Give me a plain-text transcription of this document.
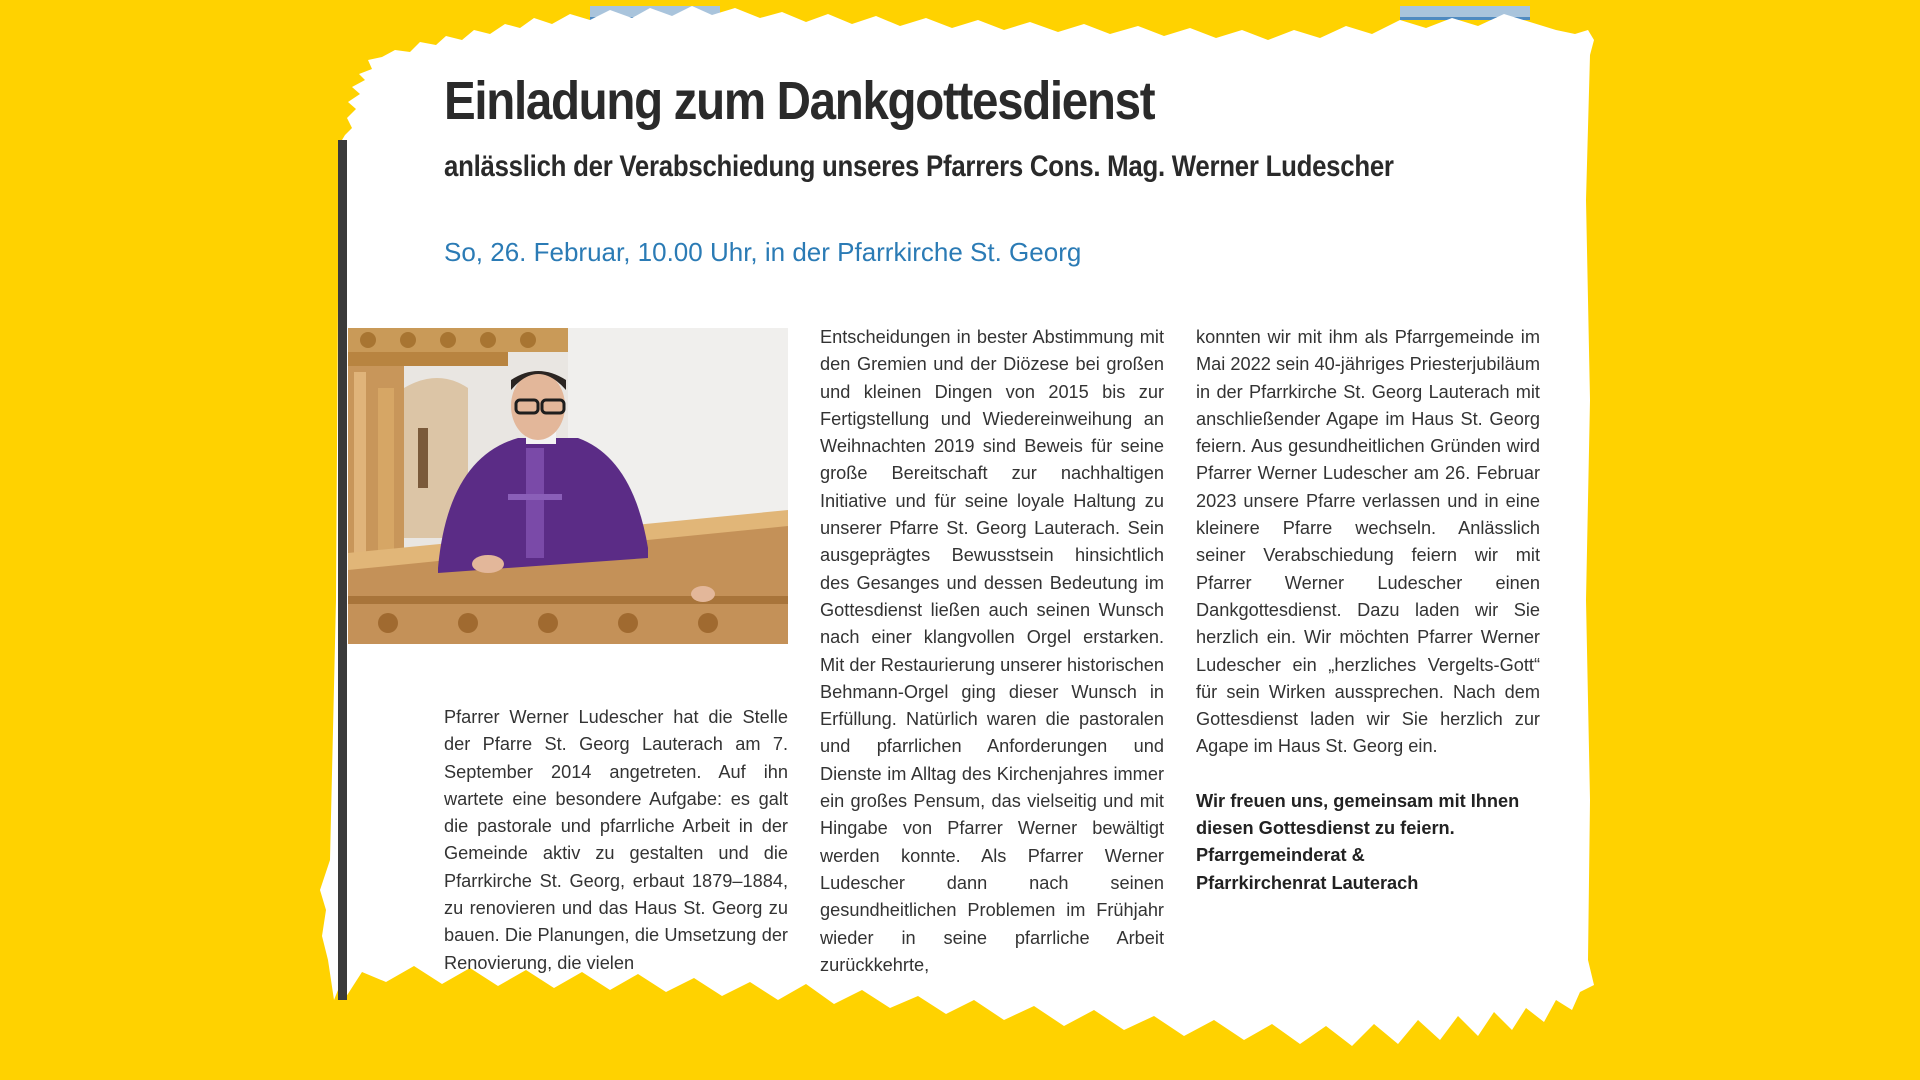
Einladung zum Dankgottesdienst
anlässlich der Verabschiedung unseres Pfarrers Cons. Mag. Werner Ludescher
So, 26. Februar, 10.00 Uhr, in der Pfarrkirche St. Georg

Pfarrer Werner Ludescher hat die Stelle der Pfarre St. Georg Lauterach am 7. September 2014 angetreten. Auf ihn wartete eine besondere Aufgabe: es galt die pastorale und pfarrliche Arbeit in der Gemeinde aktiv zu gestalten und die Pfarrkirche St. Georg, erbaut 1879–1884, zu renovieren und das Haus St. Georg zu bauen. Die Planungen, die Umsetzung der Renovierung, die vielen

Entscheidungen in bester Abstimmung mit den Gremien und der Diözese bei großen und kleinen Dingen von 2015 bis zur Fertigstellung und Wiedereinweihung an Weihnachten 2019 sind Beweis für seine große Bereitschaft zur nachhaltigen Initiative und für seine loyale Haltung zu unserer Pfarre St. Georg Lauterach. Sein ausgeprägtes Bewusstsein hinsichtlich des Gesanges und dessen Bedeutung im Gottesdienst ließen auch seinen Wunsch nach einer klangvollen Orgel erstarken. Mit der Restaurierung unserer historischen Behmann-Orgel ging dieser Wunsch in Erfüllung. Natürlich waren die pastoralen und pfarrlichen Anforderungen und Dienste im Alltag des Kirchenjahres immer ein großes Pensum, das vielseitig und mit Hingabe von Pfarrer Werner bewältigt werden konnte. Als Pfarrer Werner Ludescher dann nach seinen gesundheitlichen Problemen im Frühjahr wieder in seine pfarrliche Arbeit zurückkehrte,

konnten wir mit ihm als Pfarrgemeinde im Mai 2022 sein 40-jähriges Priesterjubiläum in der Pfarrkirche St. Georg Lauterach mit anschließender Agape im Haus St. Georg feiern. Aus gesundheitlichen Gründen wird Pfarrer Werner Ludescher am 26. Februar 2023 unsere Pfarre verlassen und in eine kleinere Pfarre wechseln. Anlässlich seiner Verabschiedung feiern wir mit Pfarrer Werner Ludescher einen Dankgottesdienst. Dazu laden wir Sie herzlich ein. Wir möchten Pfarrer Werner Ludescher ein „herzliches Vergelts-Gott“ für sein Wirken aussprechen. Nach dem Gottesdienst laden wir Sie herzlich zur Agape im Haus St. Georg ein.

Wir freuen uns, gemeinsam mit Ihnen diesen Gottesdienst zu feiern.
Pfarrgemeinderat &
Pfarrkirchenrat Lauterach
